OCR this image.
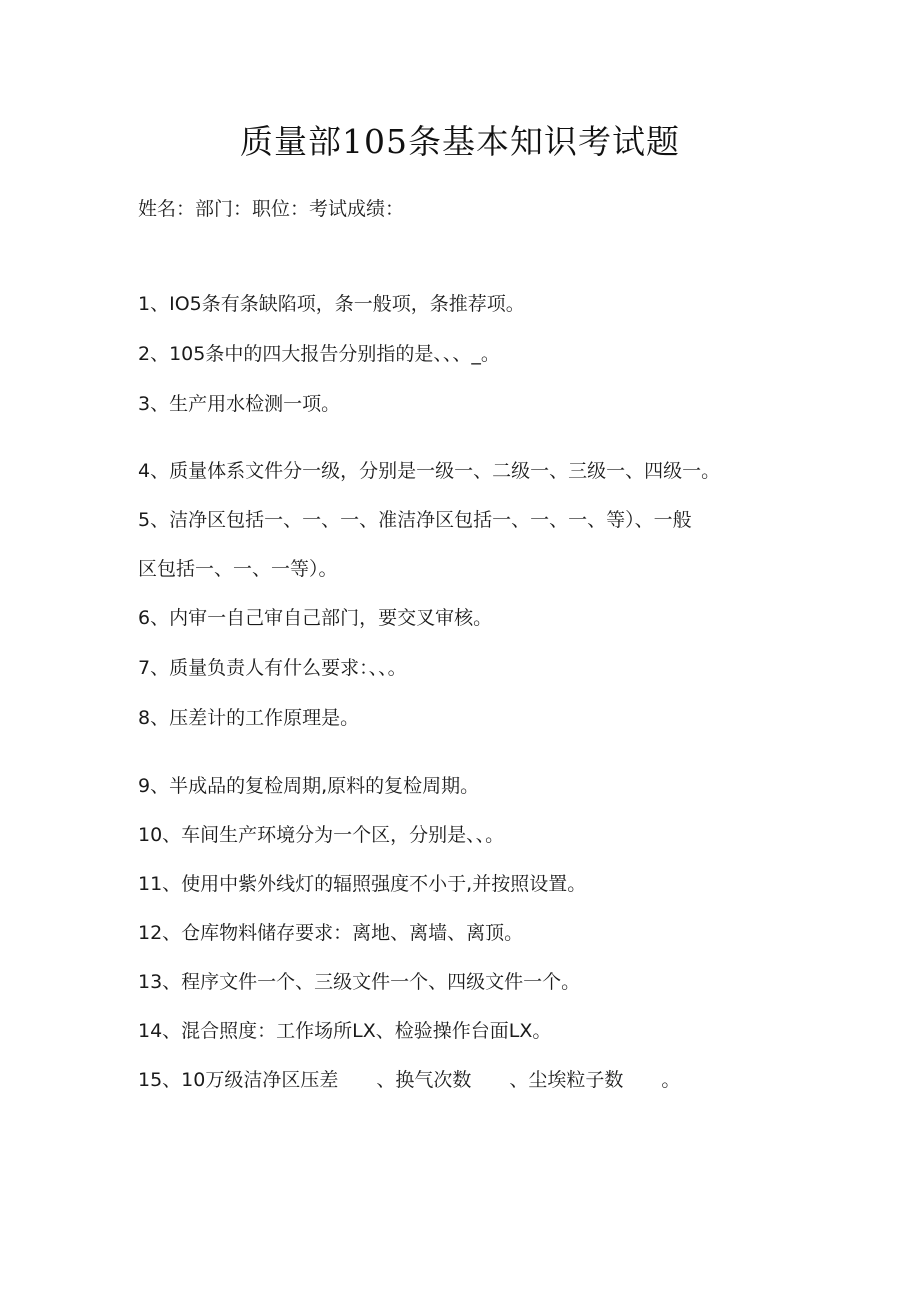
质量部105条基本知识考试题
姓名：部门：职位：考试成绩：
1、IO5条有条缺陷项，条一般项，条推荐项。
2、105条中的四大报告分别指的是、、、_。
3、生产用水检测一项。
4、质量体系文件分一级，分别是一级一、二级一、三级一、四级一。
5、洁净区包括一、一、一、准洁净区包括一、一、一、等）、一般
区包括一、一、一等）。
6、内审一自己审自己部门，要交叉审核。
7、质量负责人有什么要求：、、。
8、压差计的工作原理是。
9、半成品的复检周期,原料的复检周期。
10、车间生产环境分为一个区，分别是、、。
11、使用中紫外线灯的辐照强度不小于,并按照设置。
12、仓库物料储存要求：离地、离墙、离顶。
13、程序文件一个、三级文件一个、四级文件一个。
14、混合照度：工作场所LX、检验操作台面LX。
15、10万级洁净区压差　　、换气次数　　、尘埃粒子数　　。
